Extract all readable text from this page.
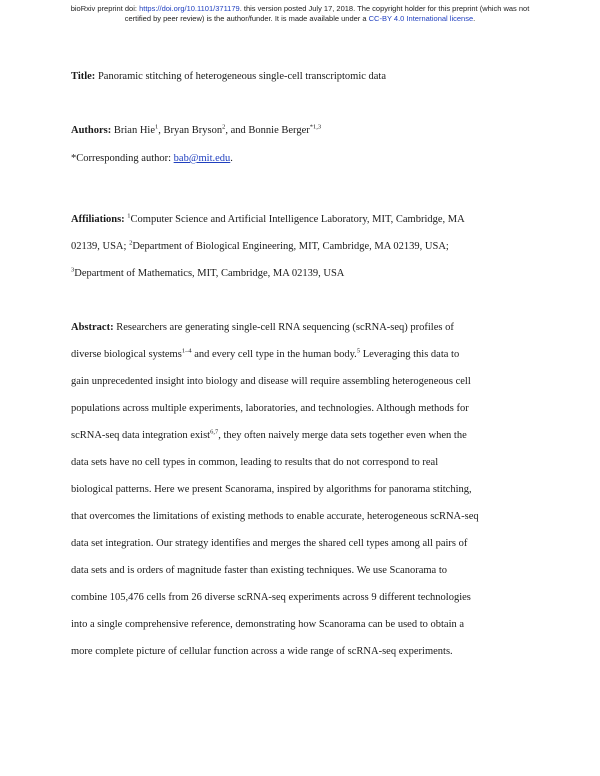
bioRxiv preprint doi: https://doi.org/10.1101/371179. this version posted July 17, 2018. The copyright holder for this preprint (which was not
certified by peer review) is the author/funder. It is made available under a CC-BY 4.0 International license.
Title: Panoramic stitching of heterogeneous single-cell transcriptomic data
Authors: Brian Hie$^1$, Bryan Bryson$^2$, and Bonnie Berger$^{*1,3}$
*Corresponding author: bab@mit.edu.
Affiliations: $^1$Computer Science and Artificial Intelligence Laboratory, MIT, Cambridge, MA
02139, USA; $^2$Department of Biological Engineering, MIT, Cambridge, MA 02139, USA;
$^3$Department of Mathematics, MIT, Cambridge, MA 02139, USA
Abstract: Researchers are generating single-cell RNA sequencing (scRNA-seq) profiles of
diverse biological systems$^{1-4}$ and every cell type in the human body.$^5$ Leveraging this data to
gain unprecedented insight into biology and disease will require assembling heterogeneous cell
populations across multiple experiments, laboratories, and technologies. Although methods for
scRNA-seq data integration exist$^{6,7}$, they often naively merge data sets together even when the
data sets have no cell types in common, leading to results that do not correspond to real
biological patterns. Here we present Scanorama, inspired by algorithms for panorama stitching,
that overcomes the limitations of existing methods to enable accurate, heterogeneous scRNA-seq
data set integration. Our strategy identifies and merges the shared cell types among all pairs of
data sets and is orders of magnitude faster than existing techniques. We use Scanorama to
combine 105,476 cells from 26 diverse scRNA-seq experiments across 9 different technologies
into a single comprehensive reference, demonstrating how Scanorama can be used to obtain a
more complete picture of cellular function across a wide range of scRNA-seq experiments.
